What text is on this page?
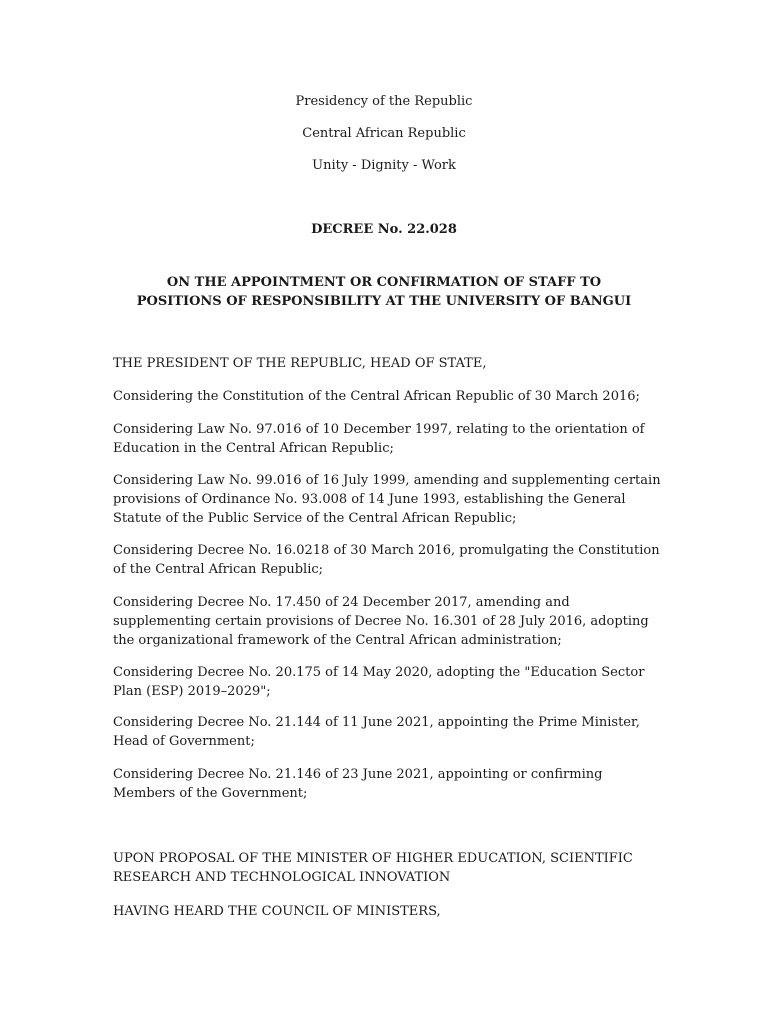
Presidency of the Republic

Central African Republic

Unity - Dignity - Work

DECREE No. 22.028

ON THE APPOINTMENT OR CONFIRMATION OF STAFF TO POSITIONS OF RESPONSIBILITY AT THE UNIVERSITY OF BANGUI

THE PRESIDENT OF THE REPUBLIC, HEAD OF STATE,

Considering the Constitution of the Central African Republic of 30 March 2016;

Considering Law No. 97.016 of 10 December 1997, relating to the orientation of Education in the Central African Republic;

Considering Law No. 99.016 of 16 July 1999, amending and supplementing certain provisions of Ordinance No. 93.008 of 14 June 1993, establishing the General Statute of the Public Service of the Central African Republic;

Considering Decree No. 16.0218 of 30 March 2016, promulgating the Constitution of the Central African Republic;

Considering Decree No. 17.450 of 24 December 2017, amending and supplementing certain provisions of Decree No. 16.301 of 28 July 2016, adopting the organizational framework of the Central African administration;

Considering Decree No. 20.175 of 14 May 2020, adopting the "Education Sector Plan (ESP) 2019–2029";

Considering Decree No. 21.144 of 11 June 2021, appointing the Prime Minister, Head of Government;

Considering Decree No. 21.146 of 23 June 2021, appointing or confirming Members of the Government;

UPON PROPOSAL OF THE MINISTER OF HIGHER EDUCATION, SCIENTIFIC RESEARCH AND TECHNOLOGICAL INNOVATION

HAVING HEARD THE COUNCIL OF MINISTERS,
